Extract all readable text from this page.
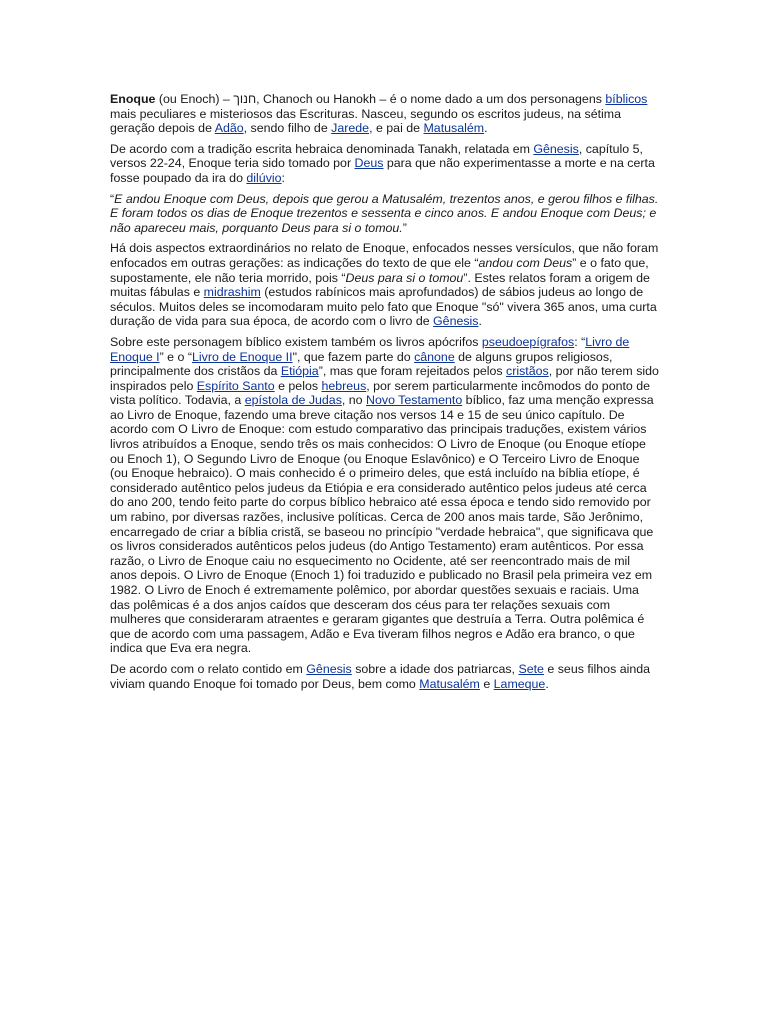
Enoque (ou Enoch) – חנוך, Chanoch ou Hanokh – é o nome dado a um dos personagens bíblicos mais peculiares e misteriosos das Escrituras. Nasceu, segundo os escritos judeus, na sétima geração depois de Adão, sendo filho de Jarede, e pai de Matusalém.

De acordo com a tradição escrita hebraica denominada Tanakh, relatada em Gênesis, capítulo 5, versos 22-24, Enoque teria sido tomado por Deus para que não experimentasse a morte e na certa fosse poupado da ira do dilúvio:

“E andou Enoque com Deus, depois que gerou a Matusalém, trezentos anos, e gerou filhos e filhas. E foram todos os dias de Enoque trezentos e sessenta e cinco anos. E andou Enoque com Deus; e não apareceu mais, porquanto Deus para si o tomou.”

Há dois aspectos extraordinários no relato de Enoque, enfocados nesses versículos, que não foram enfocados em outras gerações: as indicações do texto de que ele “andou com Deus” e o fato que, supostamente, ele não teria morrido, pois “Deus para si o tomou”. Estes relatos foram a origem de muitas fábulas e midrashim (estudos rabínicos mais aprofundados) de sábios judeus ao longo de séculos. Muitos deles se incomodaram muito pelo fato que Enoque "só" vivera 365 anos, uma curta duração de vida para sua época, de acordo com o livro de Gênesis.

Sobre este personagem bíblico existem também os livros apócrifos pseudoepígrafos: “Livro de Enoque I” e o “Livro de Enoque II", que fazem parte do cânone de alguns grupos religiosos, principalmente dos cristãos da Etiópia”, mas que foram rejeitados pelos cristãos, por não terem sido inspirados pelo Espírito Santo e pelos hebreus, por serem particularmente incômodos do ponto de vista político. Todavia, a epístola de Judas, no Novo Testamento bíblico, faz uma menção expressa ao Livro de Enoque, fazendo uma breve citação nos versos 14 e 15 de seu único capítulo. De acordo com O Livro de Enoque: com estudo comparativo das principais traduções, existem vários livros atribuídos a Enoque, sendo três os mais conhecidos: O Livro de Enoque (ou Enoque etíope ou Enoch 1), O Segundo Livro de Enoque (ou Enoque Eslavônico) e O Terceiro Livro de Enoque (ou Enoque hebraico). O mais conhecido é o primeiro deles, que está incluído na bíblia etíope, é considerado autêntico pelos judeus da Etiópia e era considerado autêntico pelos judeus até cerca do ano 200, tendo feito parte do corpus bíblico hebraico até essa época e tendo sido removido por um rabino, por diversas razões, inclusive políticas. Cerca de 200 anos mais tarde, São Jerônimo, encarregado de criar a bíblia cristã, se baseou no princípio "verdade hebraica", que significava que os livros considerados autênticos pelos judeus (do Antigo Testamento) eram autênticos. Por essa razão, o Livro de Enoque caiu no esquecimento no Ocidente, até ser reencontrado mais de mil anos depois. O Livro de Enoque (Enoch 1) foi traduzido e publicado no Brasil pela primeira vez em 1982. O Livro de Enoch é extremamente polêmico, por abordar questões sexuais e raciais. Uma das polêmicas é a dos anjos caídos que desceram dos céus para ter relações sexuais com mulheres que consideraram atraentes e geraram gigantes que destruía a Terra. Outra polêmica é que de acordo com uma passagem, Adão e Eva tiveram filhos negros e Adão era branco, o que indica que Eva era negra.

De acordo com o relato contido em Gênesis sobre a idade dos patriarcas, Sete e seus filhos ainda viviam quando Enoque foi tomado por Deus, bem como Matusalém e Lameque.
